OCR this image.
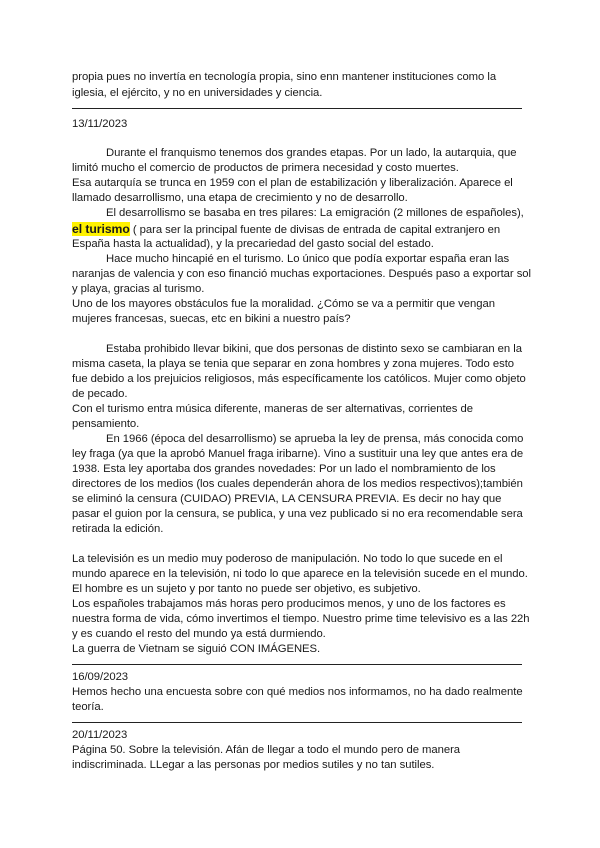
propia pues no invertía en tecnología propia, sino enn mantener instituciones como la
iglesia, el ejército, y no en universidades y ciencia.
13/11/2023
Durante el franquismo tenemos dos grandes etapas. Por un lado, la autarquia, que
limitó mucho el comercio de productos de primera necesidad y costo muertes.
Esa autarquía se trunca en 1959 con el plan de estabilización y liberalización. Aparece el
llamado desarrollismo, una etapa de crecimiento y no de desarrollo.
El desarrollismo se basaba en tres pilares: La emigración (2 millones de españoles),
el turismo ( para ser la principal fuente de divisas de entrada de capital extranjero en
España hasta la actualidad), y la precariedad del gasto social del estado.
Hace mucho hincapié en el turismo. Lo único que podía exportar españa eran las
naranjas de valencia y con eso financió muchas exportaciones. Después paso a exportar sol
y playa, gracias al turismo.
Uno de los mayores obstáculos fue la moralidad. ¿Cómo se va a permitir que vengan
mujeres francesas, suecas, etc en bikini a nuestro país?
Estaba prohibido llevar bikini, que dos personas de distinto sexo se cambiaran en la
misma caseta, la playa se tenia que separar en zona hombres y zona mujeres. Todo esto
fue debido a los prejuicios religiosos, más específicamente los católicos. Mujer como objeto
de pecado.
Con el turismo entra música diferente, maneras de ser alternativas, corrientes de
pensamiento.
En 1966 (época del desarrollismo) se aprueba la ley de prensa, más conocida como
ley fraga (ya que la aprobó Manuel fraga iribarne). Vino a sustituir una ley que antes era de
1938. Esta ley aportaba dos grandes novedades: Por un lado el nombramiento de los
directores de los medios (los cuales dependerán ahora de los medios respectivos);también
se eliminó la censura (CUIDAO) PREVIA, LA CENSURA PREVIA. Es decir no hay que
pasar el guion por la censura, se publica, y una vez publicado si no era recomendable sera
retirada la edición.
La televisión es un medio muy poderoso de manipulación. No todo lo que sucede en el
mundo aparece en la televisión, ni todo lo que aparece en la televisión sucede en el mundo.
El hombre es un sujeto y por tanto no puede ser objetivo, es subjetivo.
Los españoles trabajamos más horas pero producimos menos, y uno de los factores es
nuestra forma de vida, cómo invertimos el tiempo. Nuestro prime time televisivo es a las 22h
y es cuando el resto del mundo ya está durmiendo.
La guerra de Vietnam se siguió CON IMÁGENES.
16/09/2023
Hemos hecho una encuesta sobre con qué medios nos informamos, no ha dado realmente
teoría.
20/11/2023
Página 50. Sobre la televisión. Afán de llegar a todo el mundo pero de manera
indiscriminada. LLegar a las personas por medios sutiles y no tan sutiles.
